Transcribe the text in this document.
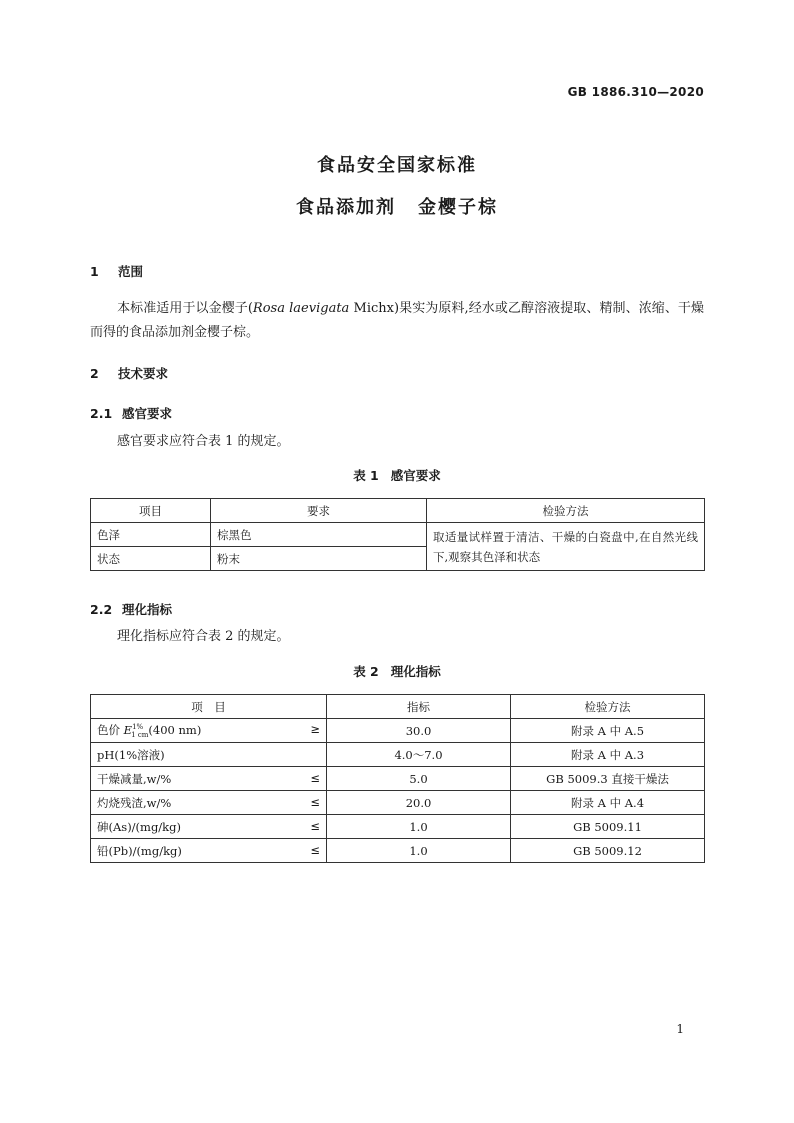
GB 1886.310—2020
食品安全国家标准
食品添加剂 金樱子棕
1 范围
本标准适用于以金樱子(Rosa laevigata Michx)果实为原料,经水或乙醇溶液提取、精制、浓缩、干燥而得的食品添加剂金樱子棕。
2 技术要求
2.1 感官要求
感官要求应符合表 1 的规定。
表 1 感官要求
项目	要求	检验方法
色泽	棕黑色	取适量试样置于清洁、干燥的白瓷盘中,在自然光线下,观察其色泽和状态
状态	粉末	
2.2 理化指标
理化指标应符合表 2 的规定。
表 2 理化指标
项　目	指标	检验方法
色价 $E^{1\%}_{1 cm}(400$ nm) ≥	30.0	附录 A 中 A.5
pH(1%溶液)	4.0～7.0	附录 A 中 A.3
干燥减量,w/% ≤	5.0	GB 5009.3 直接干燥法
灼烧残渣,w/% ≤	20.0	附录 A 中 A.4
砷(As)/(mg/kg) ≤	1.0	GB 5009.11
铅(Pb)/(mg/kg) ≤	1.0	GB 5009.12
1
